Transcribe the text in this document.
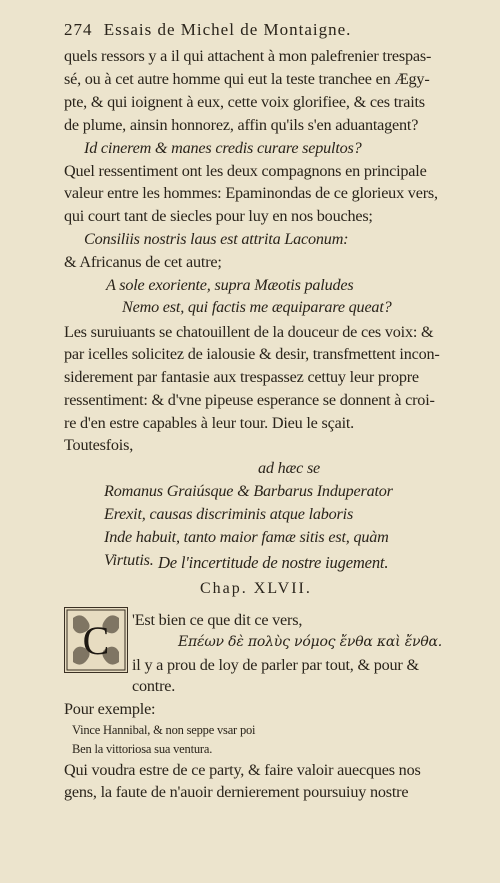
274 Essais de Michel de Montaigne.
quels ressors y a il qui attachent à mon palefrenier trespas-
sé, ou à cet autre homme qui eut la teste tranchee en Ægy-
pte, & qui ioignent à eux, cette voix glorifiee, & ces traits
de plume, ainsin honnorez, affin qu'ils s'en aduantagent?
Id cinerem & manes credis curare sepultos?
Quel ressentiment ont les deux compagnons en principale
valeur entre les hommes: Epaminondas de ce glorieux vers,
qui court tant de siecles pour luy en nos bouches;
Consiliis nostris laus est attrita Laconum:
& Africanus de cet autre;
A sole exoriente, supra Mæotis paludes
Nemo est, qui factis me æquiparare queat?
Les suruiuants se chatouillent de la douceur de ces voix: &
par icelles solicitez de ialousie & desir, transfmettent incon-
siderement par fantasie aux trespassez cettuy leur propre
ressentiment: & d'vne pipeuse esperance se donnent à croi-
re d'en estre capables à leur tour. Dieu le sçait.
Toutesfois,
ad hæc se
Romanus Graiúsque & Barbarus Induperator
Erexit, causas discriminis atque laboris
Inde habuit, tanto maior famæ sitis est, quàm
Virtutis. De l'incertitude de nostre iugement.
Chap. XLVII.
C 'Est bien ce que dit ce vers,
Επέων δὲ πολὺς νόμος ἔνθα καὶ ἔνθα.
il y a prou de loy de parler par tout, & pour &
contre.
Pour exemple:
Vince Hannibal, & non seppe vsar poi
Ben la vittoriosa sua ventura.
Qui voudra estre de ce party, & faire valoir auecques nos
gens, la faute de n'auoir dernierement poursuiuy nostre
